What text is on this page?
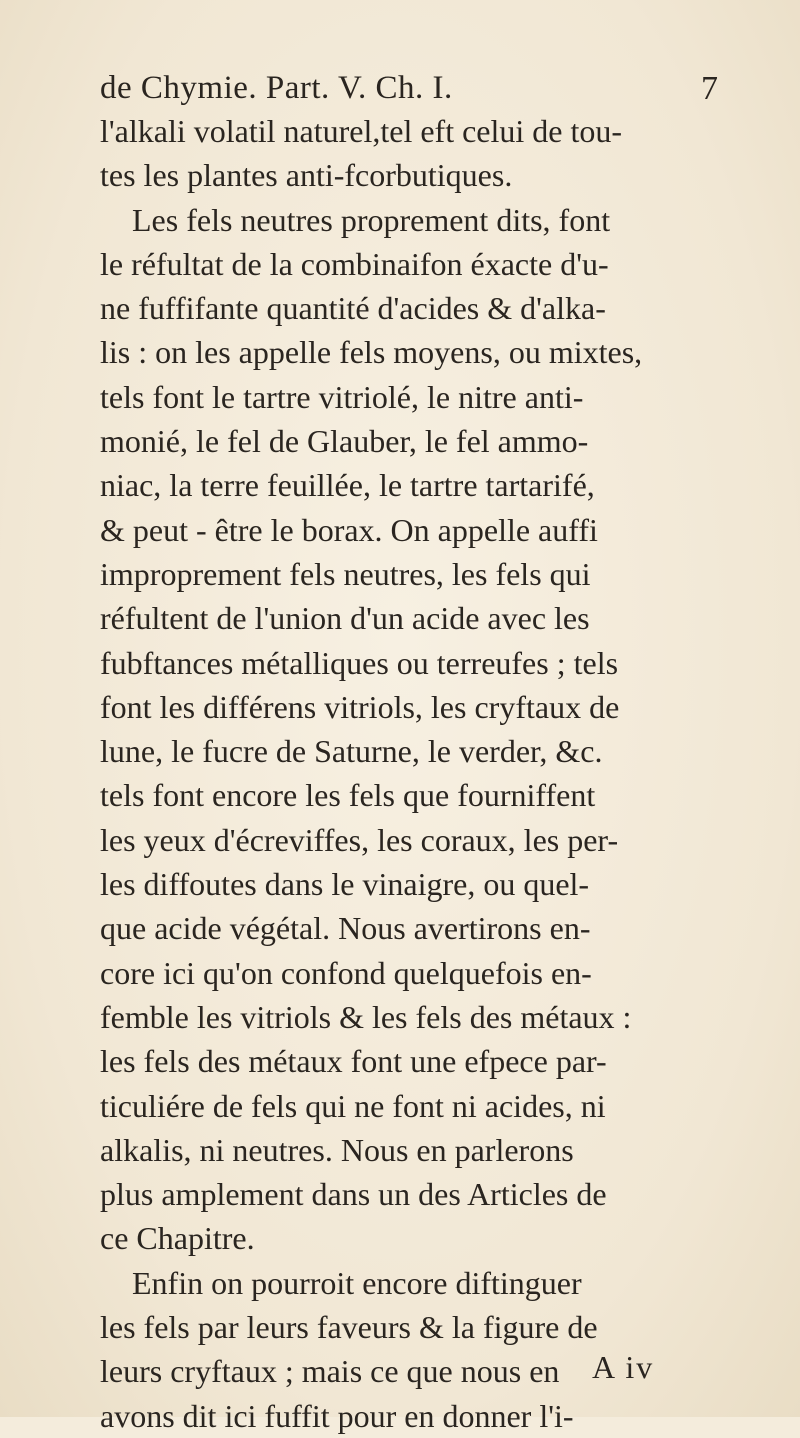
de Chymie. Part. V. Ch. I.	7
l'alkali volatil naturel,tel eft celui de tou-
tes les plantes anti-fcorbutiques.
Les fels neutres proprement dits, font
le réfultat de la combinaifon éxacte d'u-
ne fuffifante quantité d'acides & d'alka-
lis : on les appelle fels moyens, ou mixtes,
tels font le tartre vitriolé, le nitre anti-
monié, le fel de Glauber, le fel ammo-
niac, la terre feuillée, le tartre tartarifé,
& peut - être le borax. On appelle auffi
improprement fels neutres, les fels qui
réfultent de l'union d'un acide avec les
fubftances métalliques ou terreufes ; tels
font les différens vitriols, les cryftaux de
lune, le fucre de Saturne, le verder, &c.
tels font encore les fels que fourniffent
les yeux d'écreviffes, les coraux, les per-
les diffoutes dans le vinaigre, ou quel-
que acide végétal. Nous avertirons en-
core ici qu'on confond quelquefois en-
femble les vitriols & les fels des métaux :
les fels des métaux font une efpece par-
ticuliére de fels qui ne font ni acides, ni
alkalis, ni neutres. Nous en parlerons
plus amplement dans un des Articles de
ce Chapitre.
Enfin on pourroit encore diftinguer
les fels par leurs faveurs & la figure de
leurs cryftaux ; mais ce que nous en
avons dit ici fuffit pour en donner l'i-
A iv
